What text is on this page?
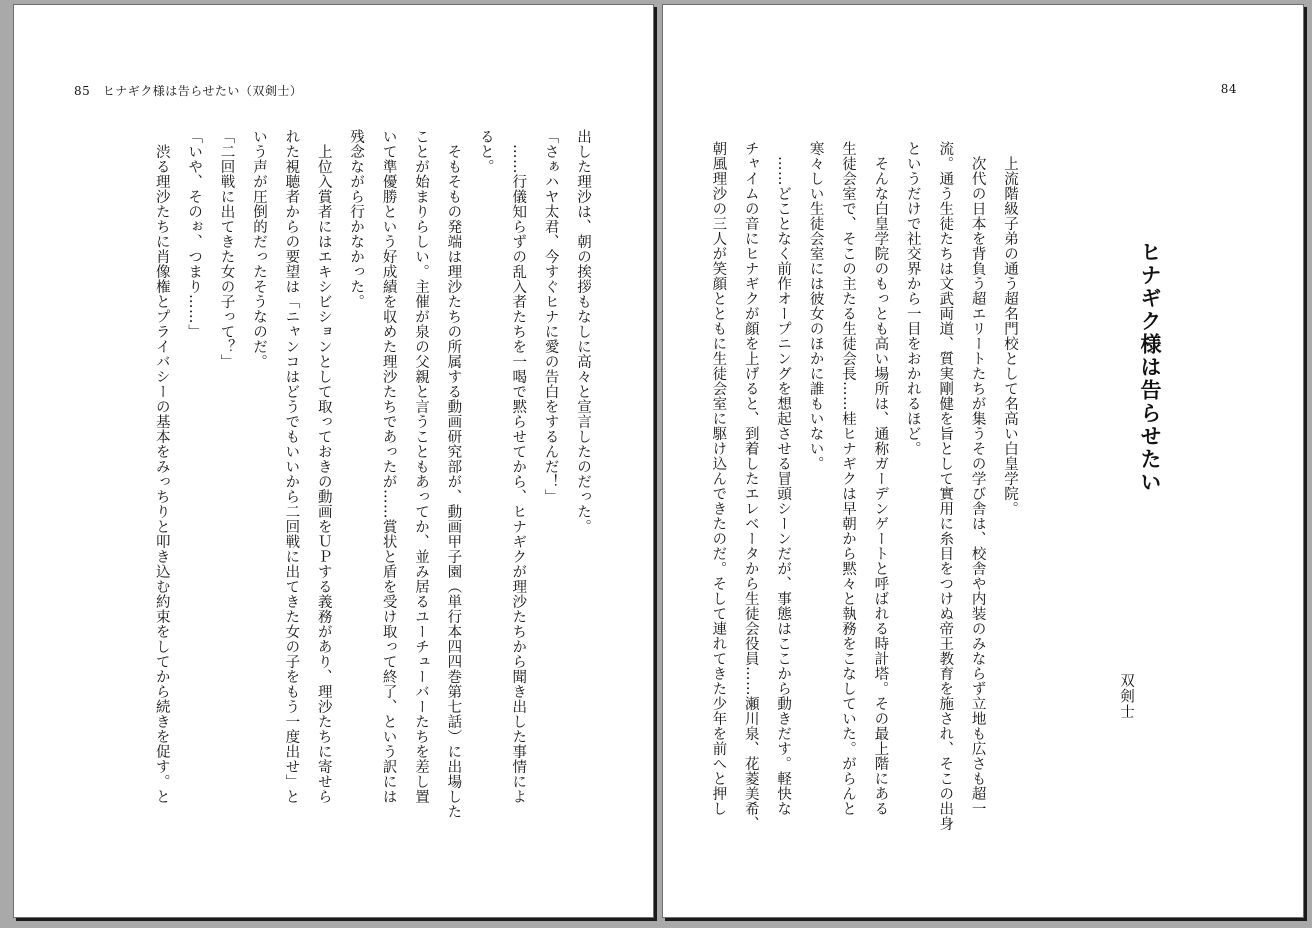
85　ヒナギク様は告らせたい（双剣士）
出した理沙は、朝の挨拶もなしに高々と宣言したのだった。
「さぁハヤ太君、今すぐヒナに愛の告白をするんだ！」
　……行儀知らずの乱入者たちを一喝で黙らせてから、ヒナギクが理沙たちから聞き出した事情によ
ると。
　そもそもの発端は理沙たちの所属する動画研究部が、動画甲子園（単行本四四巻第七話）に出場した
ことが始まりらしい。主催が泉の父親と言うこともあってか、並み居るユーチューバーたちを差し置
いて準優勝という好成績を収めた理沙たちであったが……賞状と盾を受け取って終了、という訳には
残念ながら行かなかった。
　上位入賞者にはエキシビションとして取っておきの動画をＵＰする義務があり、理沙たちに寄せら
れた視聴者からの要望は「ニャンコはどうでもいいから二回戦に出てきた女の子をもう一度出せ」と
いう声が圧倒的だったそうなのだ。
「二回戦に出てきた女の子って？」
「いや、そのぉ、つまり……」
　渋る理沙たちに肖像権とプライバシーの基本をみっちりと叩き込む約束をしてから続きを促す。と
84
ヒナギク様は告らせたい
双剣士
　上流階級子弟の通う超名門校として名高い白皇学院。
　次代の日本を背負う超エリートたちが集うその学び舎は、校舎や内装のみならず立地も広さも超一
流。通う生徒たちは文武両道、質実剛健を旨として實用に糸目をつけぬ帝王教育を施され、そこの出身
というだけで社交界から一目をおかれるほど。
　そんな白皇学院のもっとも高い場所は、通称ガーデンゲートと呼ばれる時計塔。その最上階にある
生徒会室で、そこの主たる生徒会長……桂ヒナギクは早朝から黙々と執務をこなしていた。がらんと
寒々しい生徒会室には彼女のほかに誰もいない。
　……どことなく前作オープニングを想起させる冒頭シーンだが、事態はここから動きだす。軽快な
チャイムの音にヒナギクが顔を上げると、到着したエレベータから生徒会役員……瀬川泉、花菱美希、
朝風理沙の三人が笑顔とともに生徒会室に駆け込んできたのだ。そして連れてきた少年を前へと押し
